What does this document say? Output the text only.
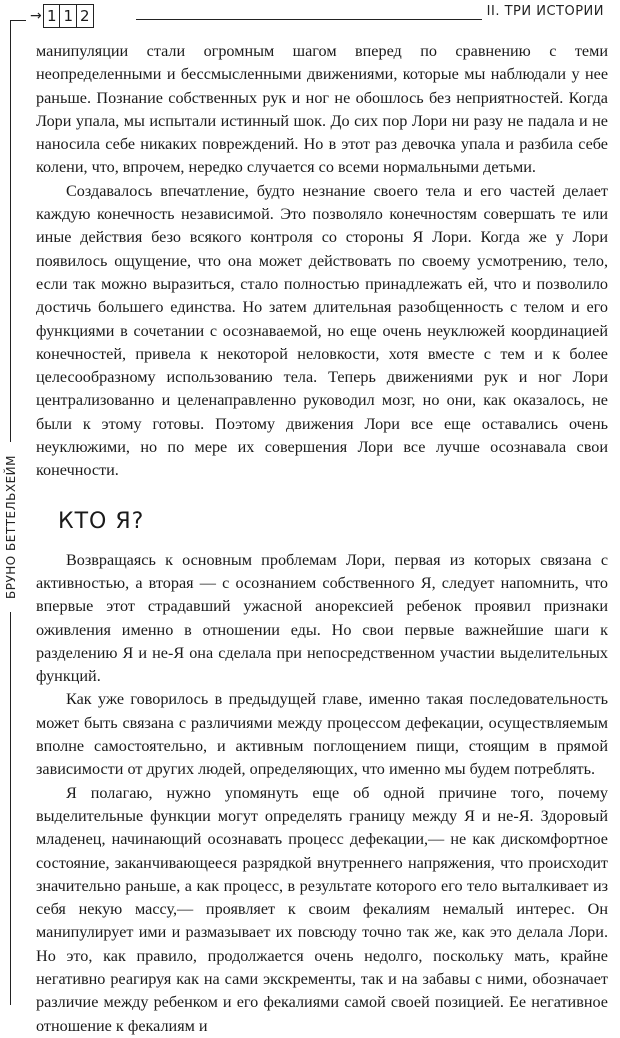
→ 1 1 2	II. ТРИ ИСТОРИИ
БРУНО БЕТТЕЛЬХЕЙМ

манипуляции стали огромным шагом вперед по сравнению с теми неопределенными и бессмысленными движениями, которые мы наблюдали у нее раньше. Познание собственных рук и ног не обошлось без неприятностей. Когда Лори упала, мы испытали истинный шок. До сих пор Лори ни разу не падала и не наносила себе никаких повреждений. Но в этот раз девочка упала и разбила себе колени, что, впрочем, нередко случается со всеми нормальными детьми.

Создавалось впечатление, будто незнание своего тела и его частей делает каждую конечность независимой. Это позволяло конечностям совершать те или иные действия безо всякого контроля со стороны Я Лори. Когда же у Лори появилось ощущение, что она может действовать по своему усмотрению, тело, если так можно выразиться, стало полностью принадлежать ей, что и позволило достичь большего единства. Но затем длительная разобщенность с телом и его функциями в сочетании с осознаваемой, но еще очень неуклюжей координацией конечностей, привела к некоторой неловкости, хотя вместе с тем и к более целесообразному использованию тела. Теперь движениями рук и ног Лори централизованно и целенаправленно руководил мозг, но они, как оказалось, не были к этому готовы. Поэтому движения Лори все еще оставались очень неуклюжими, но по мере их совершения Лори все лучше осознавала свои конечности.

КТО Я?

Возвращаясь к основным проблемам Лори, первая из которых связана с активностью, а вторая — с осознанием собственного Я, следует напомнить, что впервые этот страдавший ужасной анорексией ребенок проявил признаки оживления именно в отношении еды. Но свои первые важнейшие шаги к разделению Я и не-Я она сделала при непосредственном участии выделительных функций.

Как уже говорилось в предыдущей главе, именно такая последовательность может быть связана с различиями между процессом дефекации, осуществляемым вполне самостоятельно, и активным поглощением пищи, стоящим в прямой зависимости от других людей, определяющих, что именно мы будем потреблять.

Я полагаю, нужно упомянуть еще об одной причине того, почему выделительные функции могут определять границу между Я и не-Я. Здоровый младенец, начинающий осознавать процесс дефекации,— не как дискомфортное состояние, заканчивающееся разрядкой внутреннего напряжения, что происходит значительно раньше, а как процесс, в результате которого его тело выталкивает из себя некую массу,— проявляет к своим фекалиям немалый интерес. Он манипулирует ими и размазывает их повсюду точно так же, как это делала Лори. Но это, как правило, продолжается очень недолго, поскольку мать, крайне негативно реагируя как на сами экскременты, так и на забавы с ними, обозначает различие между ребенком и его фекалиями самой своей позицией. Ее негативное отношение к фекалиям и
